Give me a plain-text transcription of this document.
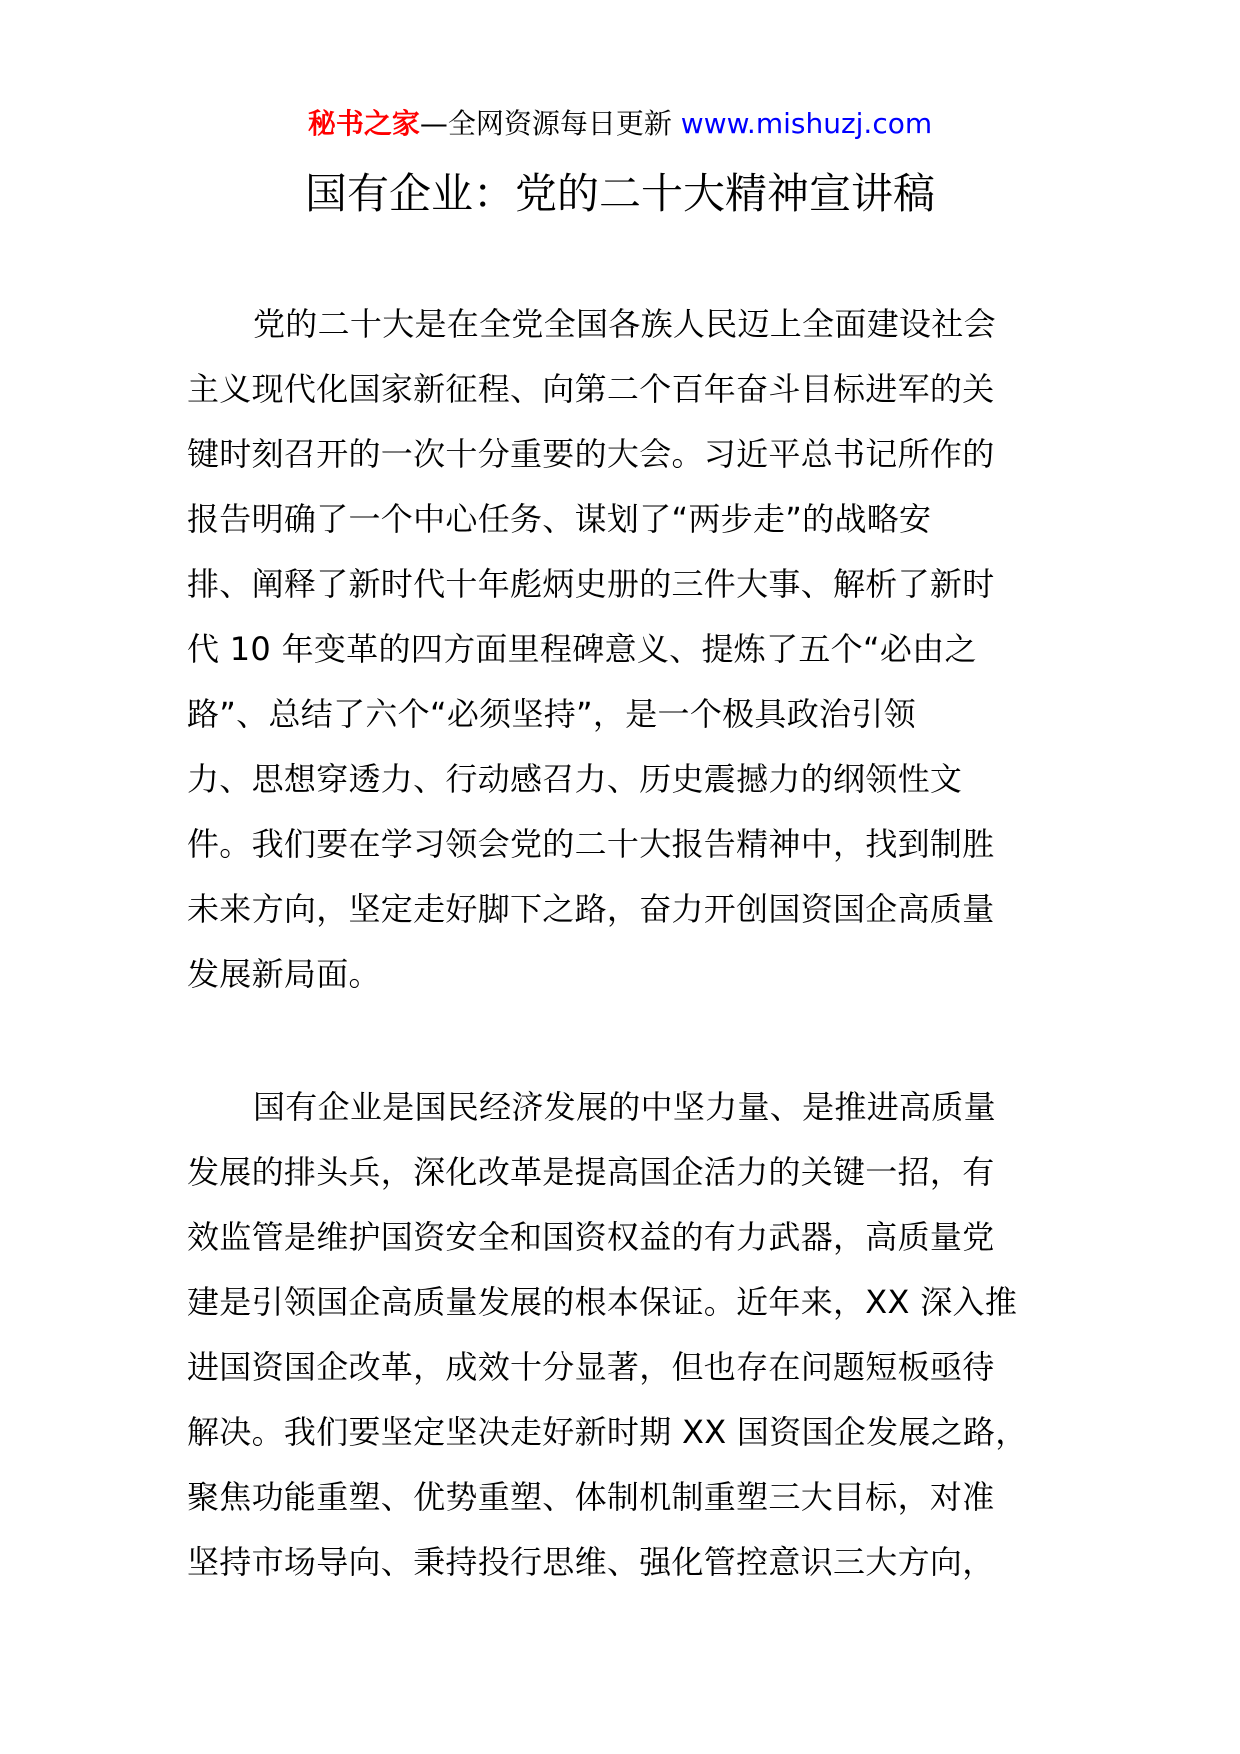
秘书之家—全网资源每日更新 www.mishuzj.com
国有企业：党的二十大精神宣讲稿
党的二十大是在全党全国各族人民迈上全面建设社会
主义现代化国家新征程、向第二个百年奋斗目标进军的关
键时刻召开的一次十分重要的大会。习近平总书记所作的
报告明确了一个中心任务、谋划了“两步走”的战略安
排、阐释了新时代十年彪炳史册的三件大事、解析了新时
代 10 年变革的四方面里程碑意义、提炼了五个“必由之
路”、总结了六个“必须坚持”，是一个极具政治引领
力、思想穿透力、行动感召力、历史震撼力的纲领性文
件。我们要在学习领会党的二十大报告精神中，找到制胜
未来方向，坚定走好脚下之路，奋力开创国资国企高质量
发展新局面。
国有企业是国民经济发展的中坚力量、是推进高质量
发展的排头兵，深化改革是提高国企活力的关键一招，有
效监管是维护国资安全和国资权益的有力武器，高质量党
建是引领国企高质量发展的根本保证。近年来，XX 深入推
进国资国企改革，成效十分显著，但也存在问题短板亟待
解决。我们要坚定坚决走好新时期 XX 国资国企发展之路，
聚焦功能重塑、优势重塑、体制机制重塑三大目标，对准
坚持市场导向、秉持投行思维、强化管控意识三大方向，
